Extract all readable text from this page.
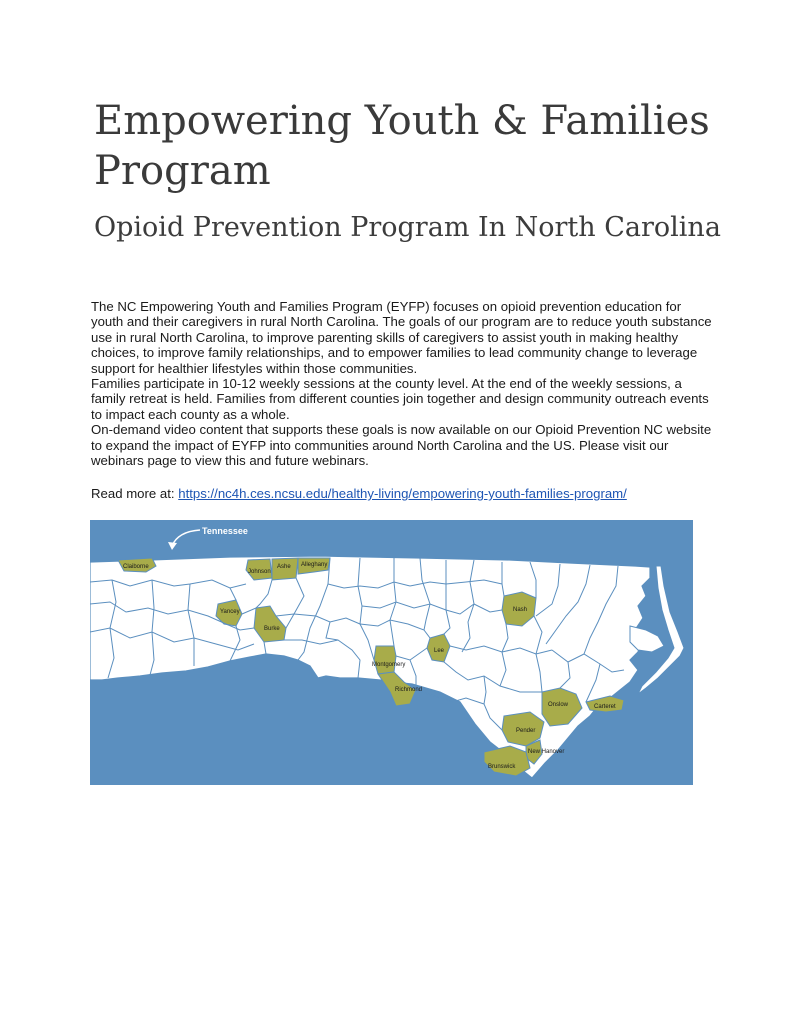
Empowering Youth & Families Program
Opioid Prevention Program In North Carolina

The NC Empowering Youth and Families Program (EYFP) focuses on opioid prevention education for youth and their caregivers in rural North Carolina. The goals of our program are to reduce youth substance use in rural North Carolina, to improve parenting skills of caregivers to assist youth in making healthy choices, to improve family relationships, and to empower families to lead community change to leverage support for healthier lifestyles within those communities.

Families participate in 10-12 weekly sessions at the county level. At the end of the weekly sessions, a family retreat is held. Families from different counties join together and design community outreach events to impact each county as a whole.

On-demand video content that supports these goals is now available on our Opioid Prevention NC website to expand the impact of EYFP into communities around North Carolina and the US. Please visit our webinars page to view this and future webinars.

Read more at: https://nc4h.ces.ncsu.edu/healthy-living/empowering-youth-families-program/
Tennessee
Claiborne
Johnson
Ashe Alleghany
Yancey
Burke
Nash
Lee
Montgomery
Richmond
Onslow	Carteret
Pender
New Hanover
Brunswick
